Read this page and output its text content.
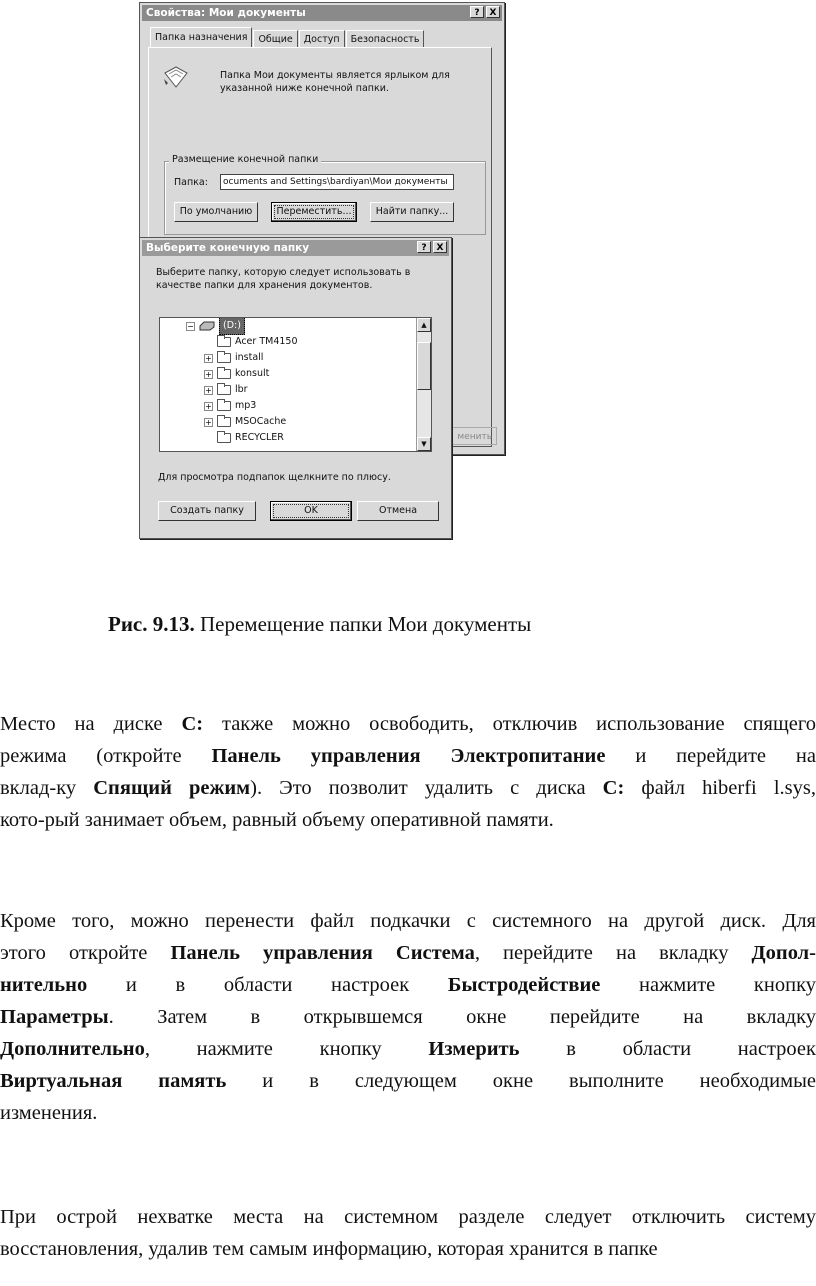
Свойства: Мои документы	?	X
Папка назначения	Общие	Доступ	Безопасность
Папка Мои документы является ярлыком для
указанной ниже конечной папки.
Размещение конечной папки
Папка:	ocuments and Settings\bardiyan\Мои документы
По умолчанию	Переместить...	Найти папку...
менить
Выберите конечную папку	?	X
Выберите папку, которую следует использовать в
качестве папки для хранения документов.
−	(D:)
Acer TM4150
+ install
+ konsult
+ lbr
+ mp3
+ MSOCache
RECYCLER
▲
▼
Для просмотра подпапок щелкните по плюсу.
Создать папку	OK	Отмена
Рис. 9.13. Перемещение папки Мои документы
Место на диске C: также можно освободить, отключив использование спящего
режима (откройте Панель управления Электропитание и перейдите на
вклад-ку Спящий режим). Это позволит удалить с диска C: файл hiberfi l.sys,
кото-рый занимает объем, равный объему оперативной памяти.
Кроме того, можно перенести файл подкачки с системного на другой диск. Для
этого откройте Панель управления Система, перейдите на вкладку Допол-
нительно и в области настроек Быстродействие нажмите кнопку
Параметры. Затем в открывшемся окне перейдите на вкладку
Дополнительно, нажмите кнопку Измерить в области настроек
Виртуальная память и в следующем окне выполните необходимые
изменения.
При острой нехватке места на системном разделе следует отключить систему
восстановления, удалив тем самым информацию, которая хранится в папке
